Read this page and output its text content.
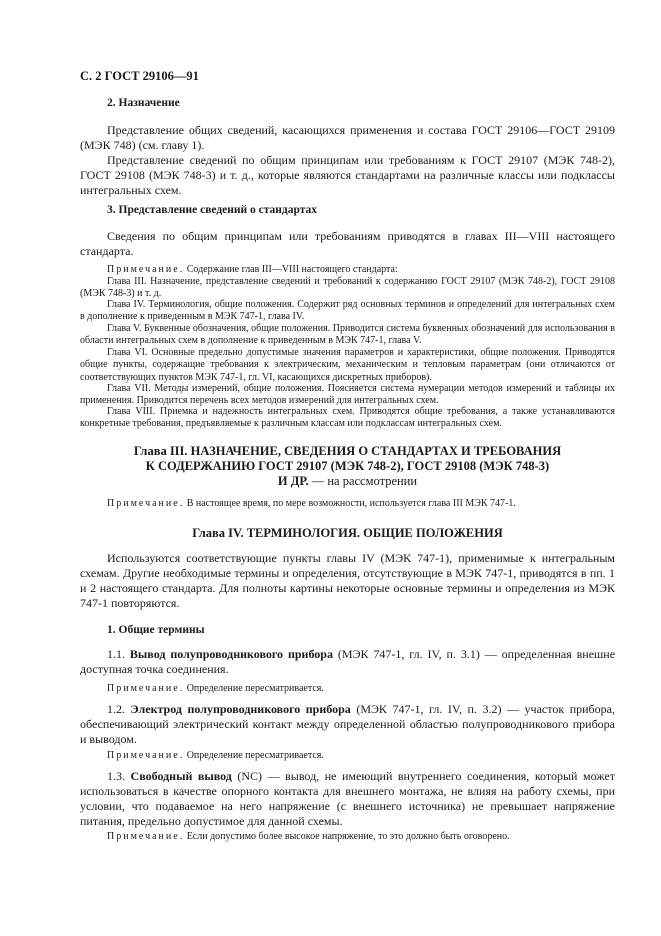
С. 2 ГОСТ 29106—91
2. Назначение

Представление общих сведений, касающихся применения и состава ГОСТ 29106—ГОСТ 29109 (МЭК 748) (см. главу 1).

Представление сведений по общим принципам или требованиям к ГОСТ 29107 (МЭК 748-2), ГОСТ 29108 (МЭК 748-3) и т. д., которые являются стандартами на различные классы или подклассы интегральных схем.

3. Представление сведений о стандартах

Сведения по общим принципам или требованиям приводятся в главах III—VIII настоящего стандарта.

Примечание. Содержание глав III—VIII настоящего стандарта:

Глава III. Назначение, представление сведений и требований к содержанию ГОСТ 29107 (МЭК 748-2), ГОСТ 29108 (МЭК 748-3) и т. д.

Глава IV. Терминология, общие положения. Содержит ряд основных терминов и определений для интегральных схем в дополнение к приведенным в МЭК 747-1, глава IV.

Глава V. Буквенные обозначения, общие положения. Приводится система буквенных обозначений для использования в области интегральных схем в дополнение к приведенным в МЭК 747-1, глава V.

Глава VI. Основные предельно допустимые значения параметров и характеристики, общие положения. Приводятся общие пункты, содержащие требования к электрическим, механическим и тепловым параметрам (они отличаются от соответствующих пунктов МЭК 747-1, гл. VI, касающихся дискретных приборов).

Глава VII. Методы измерений, общие положения. Поясняется система нумерации методов измерений и таблицы их применения. Приводится перечень всех методов измерений для интегральных схем.

Глава VIII. Приемка и надежность интегральных схем. Приводятся общие требования, а также устанавливаются конкретные требования, предъявляемые к различным классам или подклассам интегральных схем.

Глава III. НАЗНАЧЕНИЕ, СВЕДЕНИЯ О СТАНДАРТАХ И ТРЕБОВАНИЯ
К СОДЕРЖАНИЮ ГОСТ 29107 (МЭК 748-2), ГОСТ 29108 (МЭК 748-3)
И ДР. — на рассмотрении

Примечание. В настоящее время, по мере возможности, используется глава III МЭК 747-1.

Глава IV. ТЕРМИНОЛОГИЯ. ОБЩИЕ ПОЛОЖЕНИЯ

Используются соответствующие пункты главы IV (МЭК 747-1), применимые к интегральным схемам. Другие необходимые термины и определения, отсутствующие в МЭК 747-1, приводятся в пп. 1 и 2 настоящего стандарта. Для полноты картины некоторые основные термины и определения из МЭК 747-1 повторяются.

1. Общие термины

1.1. Вывод полупроводникового прибора (МЭК 747-1, гл. IV, п. 3.1) — определенная внешне доступная точка соединения.

Примечание. Определение пересматривается.

1.2. Электрод полупроводникового прибора (МЭК 747-1, гл. IV, п. 3.2) — участок прибора, обеспечивающий электрический контакт между определенной областью полупроводникового прибора и выводом.

Примечание. Определение пересматривается.

1.3. Свободный вывод (NC) — вывод, не имеющий внутреннего соединения, который может использоваться в качестве опорного контакта для внешнего монтажа, не влияя на работу схемы, при условии, что подаваемое на него напряжение (с внешнего источника) не превышает напряжение питания, предельно допустимое для данной схемы.

Примечание. Если допустимо более высокое напряжение, то это должно быть оговорено.
